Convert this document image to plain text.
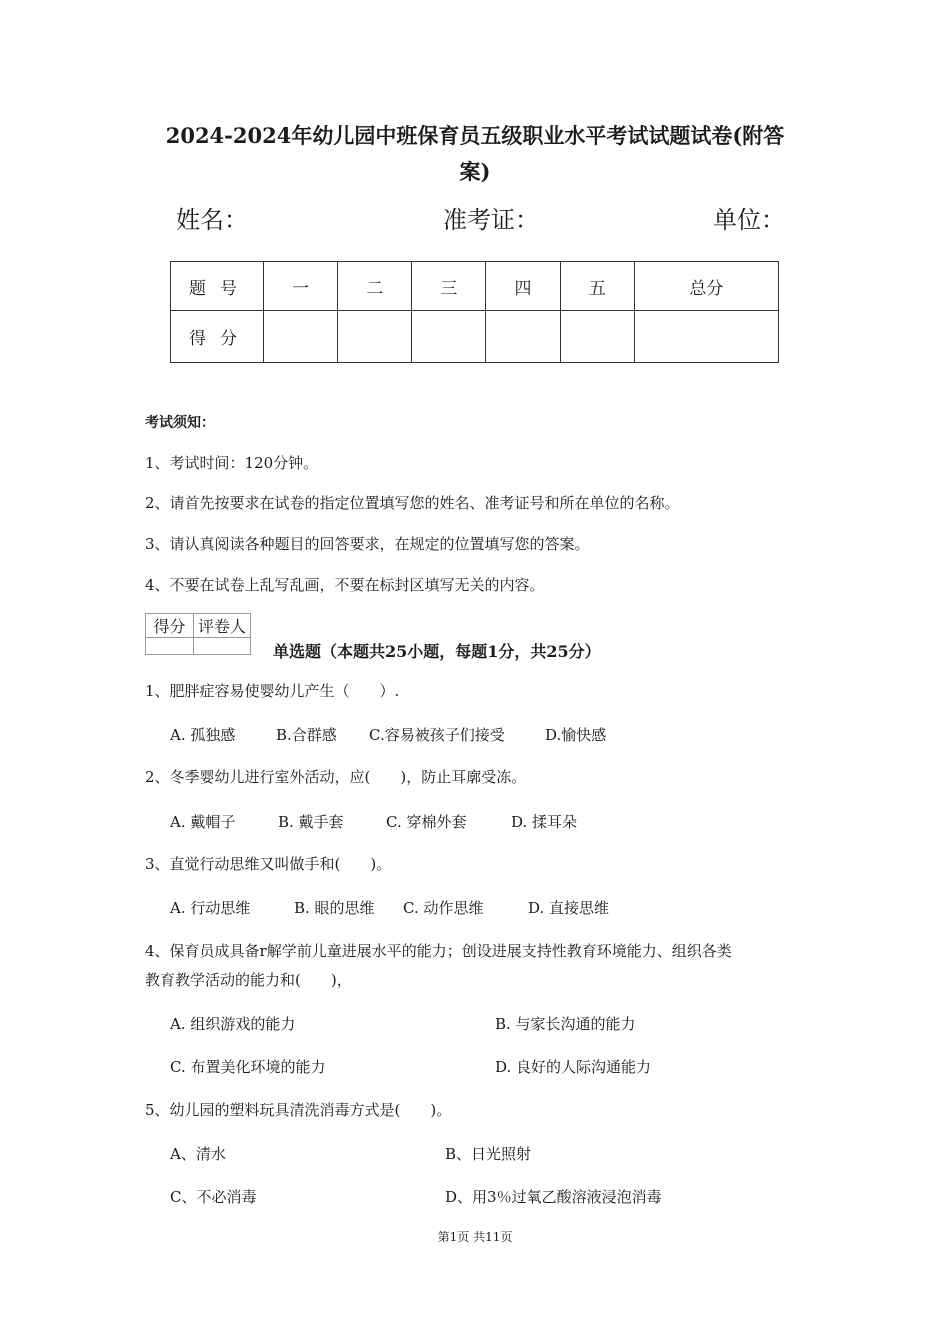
2024-2024年幼儿园中班保育员五级职业水平考试试题试卷(附答
案)
姓名：	准考证：	单位：
题号	一	二	三	四	五	总分
得分						
考试须知：
1、考试时间：120分钟。
2、请首先按要求在试卷的指定位置填写您的姓名、准考证号和所在单位的名称。
3、请认真阅读各种题目的回答要求，在规定的位置填写您的答案。
4、不要在试卷上乱写乱画，不要在标封区填写无关的内容。
得分	评卷人

单选题（本题共25小题，每题1分，共25分）
1、肥胖症容易使婴幼儿产生（　　）.
A. 孤独感	B.合群感 C.容易被孩子们接受	D.愉快感
2、冬季婴幼儿进行室外活动，应(　　)，防止耳廓受冻。
A. 戴帽子	B. 戴手套	C. 穿棉外套	D. 揉耳朵
3、直觉行动思维又叫做手和(　　)。
A. 行动思维	B. 眼的思维 C. 动作思维	D. 直接思维
4、保育员成具备r解学前儿童进展水平的能力；创设进展支持性教育环境能力、组织各类
教育教学活动的能力和(　　)，
A. 组织游戏的能力	B. 与家长沟通的能力
C. 布置美化环境的能力	D. 良好的人际沟通能力
5、幼儿园的塑料玩具清洗消毒方式是(　　)。
A、清水	B、日光照射
C、不必消毒	D、用3％过氧乙酸溶液浸泡消毒
第1页 共11页
